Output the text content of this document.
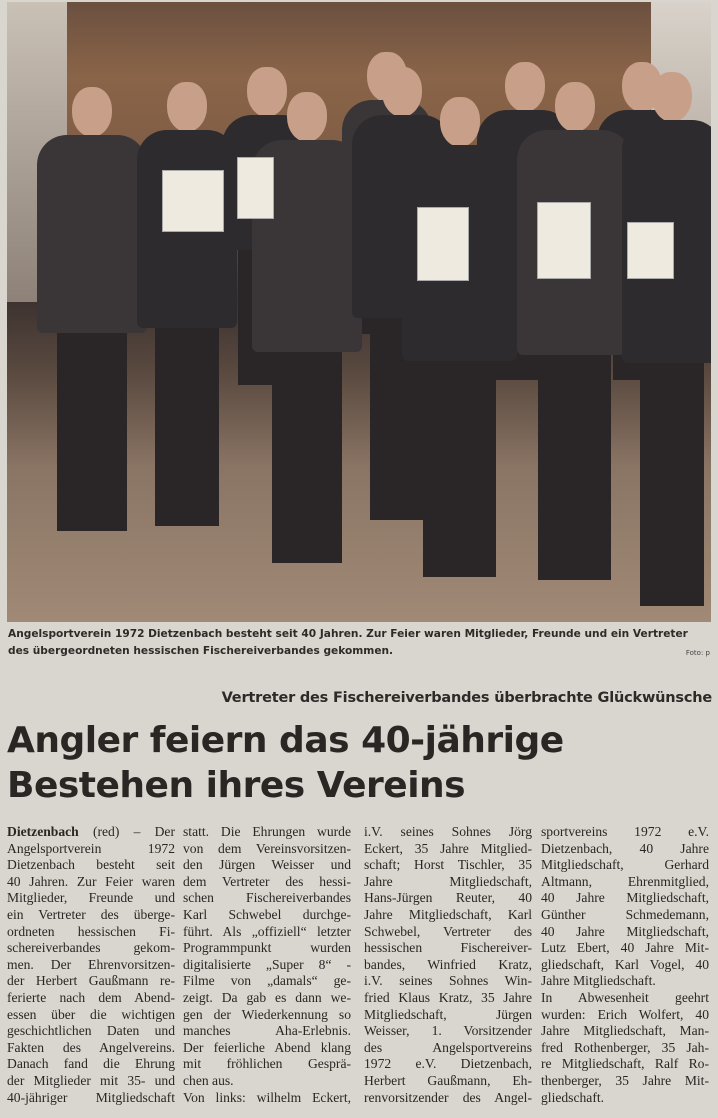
Angelsportverein 1972 Dietzenbach besteht seit 40 Jahren. Zur Feier waren Mitglieder, Freunde und ein Vertreter des übergeordneten hessischen Fischereiverbandes gekommen.	Foto: p
Vertreter des Fischereiverbandes überbrachte Glückwünsche
Angler feiern das 40-jährige
Bestehen ihres Vereins
Dietzenbach (red) – Der
Angelsportverein 1972
Dietzenbach besteht seit
40 Jahren. Zur Feier waren
Mitglieder, Freunde und
ein Vertreter des überge-
ordneten hessischen Fi-
schereiverbandes gekom-
men. Der Ehrenvorsitzen-
der Herbert Gaußmann re-
ferierte nach dem Abend-
essen über die wichtigen
geschichtlichen Daten und
Fakten des Angelvereins.
Danach fand die Ehrung
der Mitglieder mit 35- und
40-jähriger Mitgliedschaft
statt. Die Ehrungen wurde
von dem Vereinsvorsitzen-
den Jürgen Weisser und
dem Vertreter des hessi-
schen Fischereiverbandes
Karl Schwebel durchge-
führt. Als „offiziell“ letzter
Programmpunkt wurden
digitalisierte „Super 8“ -
Filme von „damals“ ge-
zeigt. Da gab es dann we-
gen der Wiederkennung so
manches Aha-Erlebnis.
Der feierliche Abend klang
mit fröhlichen Gesprä-
chen aus.
Von links: wilhelm Eckert,
i.V. seines Sohnes Jörg
Eckert, 35 Jahre Mitglied-
schaft; Horst Tischler, 35
Jahre Mitgliedschaft,
Hans-Jürgen Reuter, 40
Jahre Mitgliedschaft, Karl
Schwebel, Vertreter des
hessischen Fischereiver-
bandes, Winfried Kratz,
i.V. seines Sohnes Win-
fried Klaus Kratz, 35 Jahre
Mitgliedschaft, Jürgen
Weisser, 1. Vorsitzender
des Angelsportvereins
1972 e.V. Dietzenbach,
Herbert Gaußmann, Eh-
renvorsitzender des Angel-
sportvereins 1972 e.V.
Dietzenbach, 40 Jahre
Mitgliedschaft, Gerhard
Altmann, Ehrenmitglied,
40 Jahre Mitgliedschaft,
Günther Schmedemann,
40 Jahre Mitgliedschaft,
Lutz Ebert, 40 Jahre Mit-
gliedschaft, Karl Vogel, 40
Jahre Mitgliedschaft.
In Abwesenheit geehrt
wurden: Erich Wolfert, 40
Jahre Mitgliedschaft, Man-
fred Rothenberger, 35 Jah-
re Mitgliedschaft, Ralf Ro-
thenberger, 35 Jahre Mit-
gliedschaft.
